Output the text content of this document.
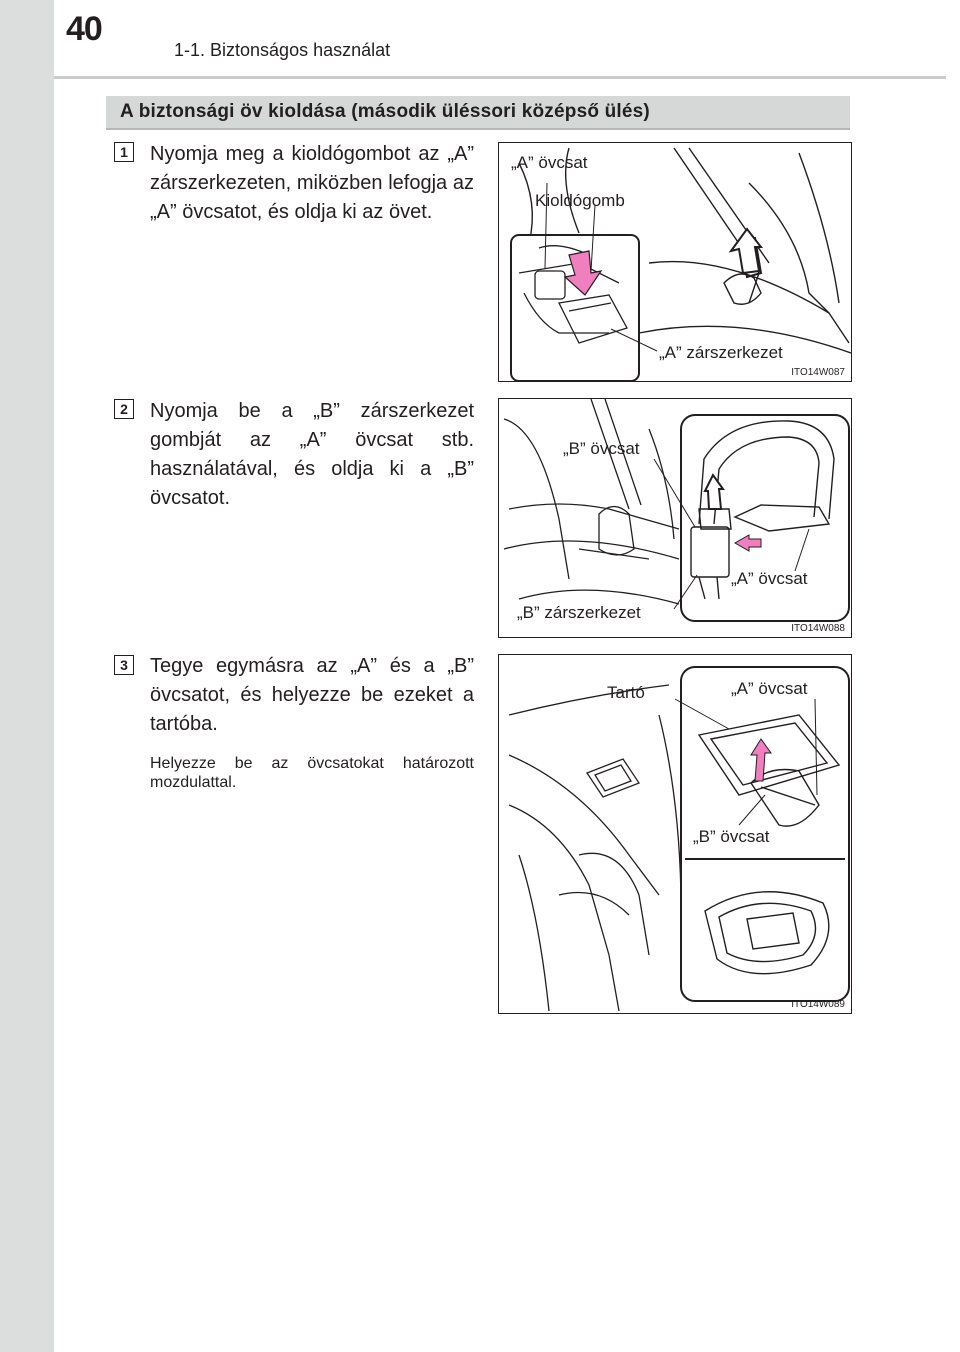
40
1-1. Biztonságos használat
A biztonsági öv kioldása (második üléssori középső ülés)
1	Nyomja meg a kioldógombot az „A” zárszerkezeten, miközben lefogja az „A” övcsatot, és oldja ki az övet.

„A” övcsat
Kioldógomb
„A” zárszerkezet
ITO14W087
2	Nyomja be a „B” zárszerkezet gombját az „A” övcsat stb. használatával, és oldja ki a „B” övcsatot.

„B” övcsat
„A” övcsat
„B” zárszerkezet
ITO14W088
3	Tegye egymásra az „A” és a „B” övcsatot, és helyezze be ezeket a tartóba.

Helyezze be az övcsatokat határozott mozdulattal.

Tartó	„A” övcsat
„B” övcsat
ITO14W089
